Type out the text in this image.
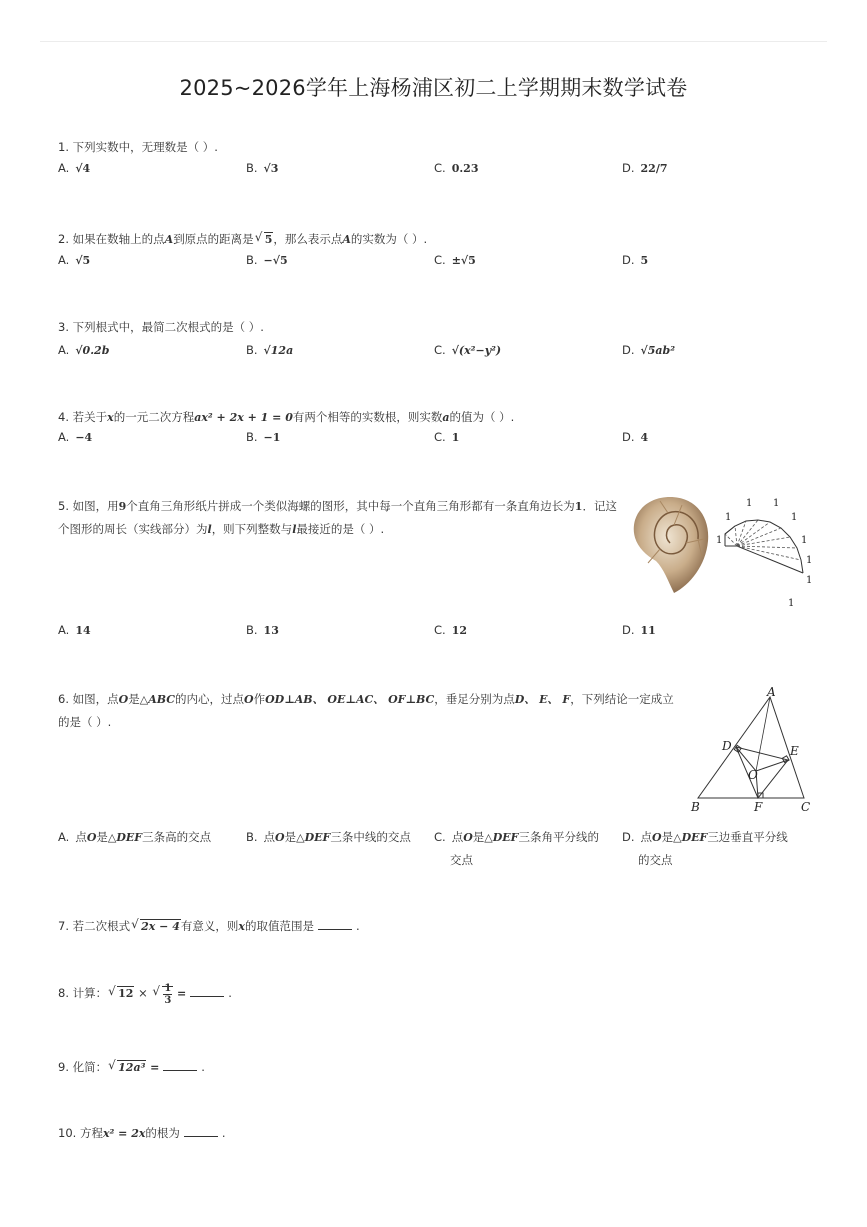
2025~2026学年上海杨浦区初二上学期期末数学试卷
1. 下列实数中，无理数是（ ）.
A. √4	B. √3	C. 0.23	D. 22/7
2. 如果在数轴上的点A到原点的距离是 √ 5，那么表示点A的实数为（ ）.
A. √5	B. −√5	C. ±√5	D. 5
3. 下列根式中，最简二次根式的是（ ）.
A. √0.2b	B. √12a	C. √(x²−y²)	D. √5ab²
4. 若关于x的一元二次方程ax² + 2x + 1 = 0有两个相等的实数根，则实数a的值为（ ）.
A. −4	B. −1	C. 1	D. 4
5. 如图，用9个直角三角形纸片拼成一个类似海螺的图形，其中每一个直角三角形都有一条直角边长为1．记这个图形的周长（实线部分）为l，则下列整数与l最接近的是（ ）.
A. 14	B. 13	C. 12	D. 11
1
1
1 1
1
1
1
1
1
6. 如图，点O是△ABC的内心，过点O作OD⊥AB、 OE⊥AC、 OF⊥BC，垂足分别为点D、 E、 F，下列结论一定成立的是（ ）.
A
D	E
O
B	F	C
A. 点O是△DEF三条高的交点	B. 点O是△DEF三条中线的交点 C. 点O是△DEF三条角平分线的
交点
D. 点O是△DEF三边垂直平分线
的交点
7. 若二次根式 √ 2x − 4有意义，则x的取值范围是	.
8. 计算： √ 12 × √ $\frac{1}{3}$ =	.
9. 化简： √ 12a³ =	.
10. 方程x² = 2x的根为	.
